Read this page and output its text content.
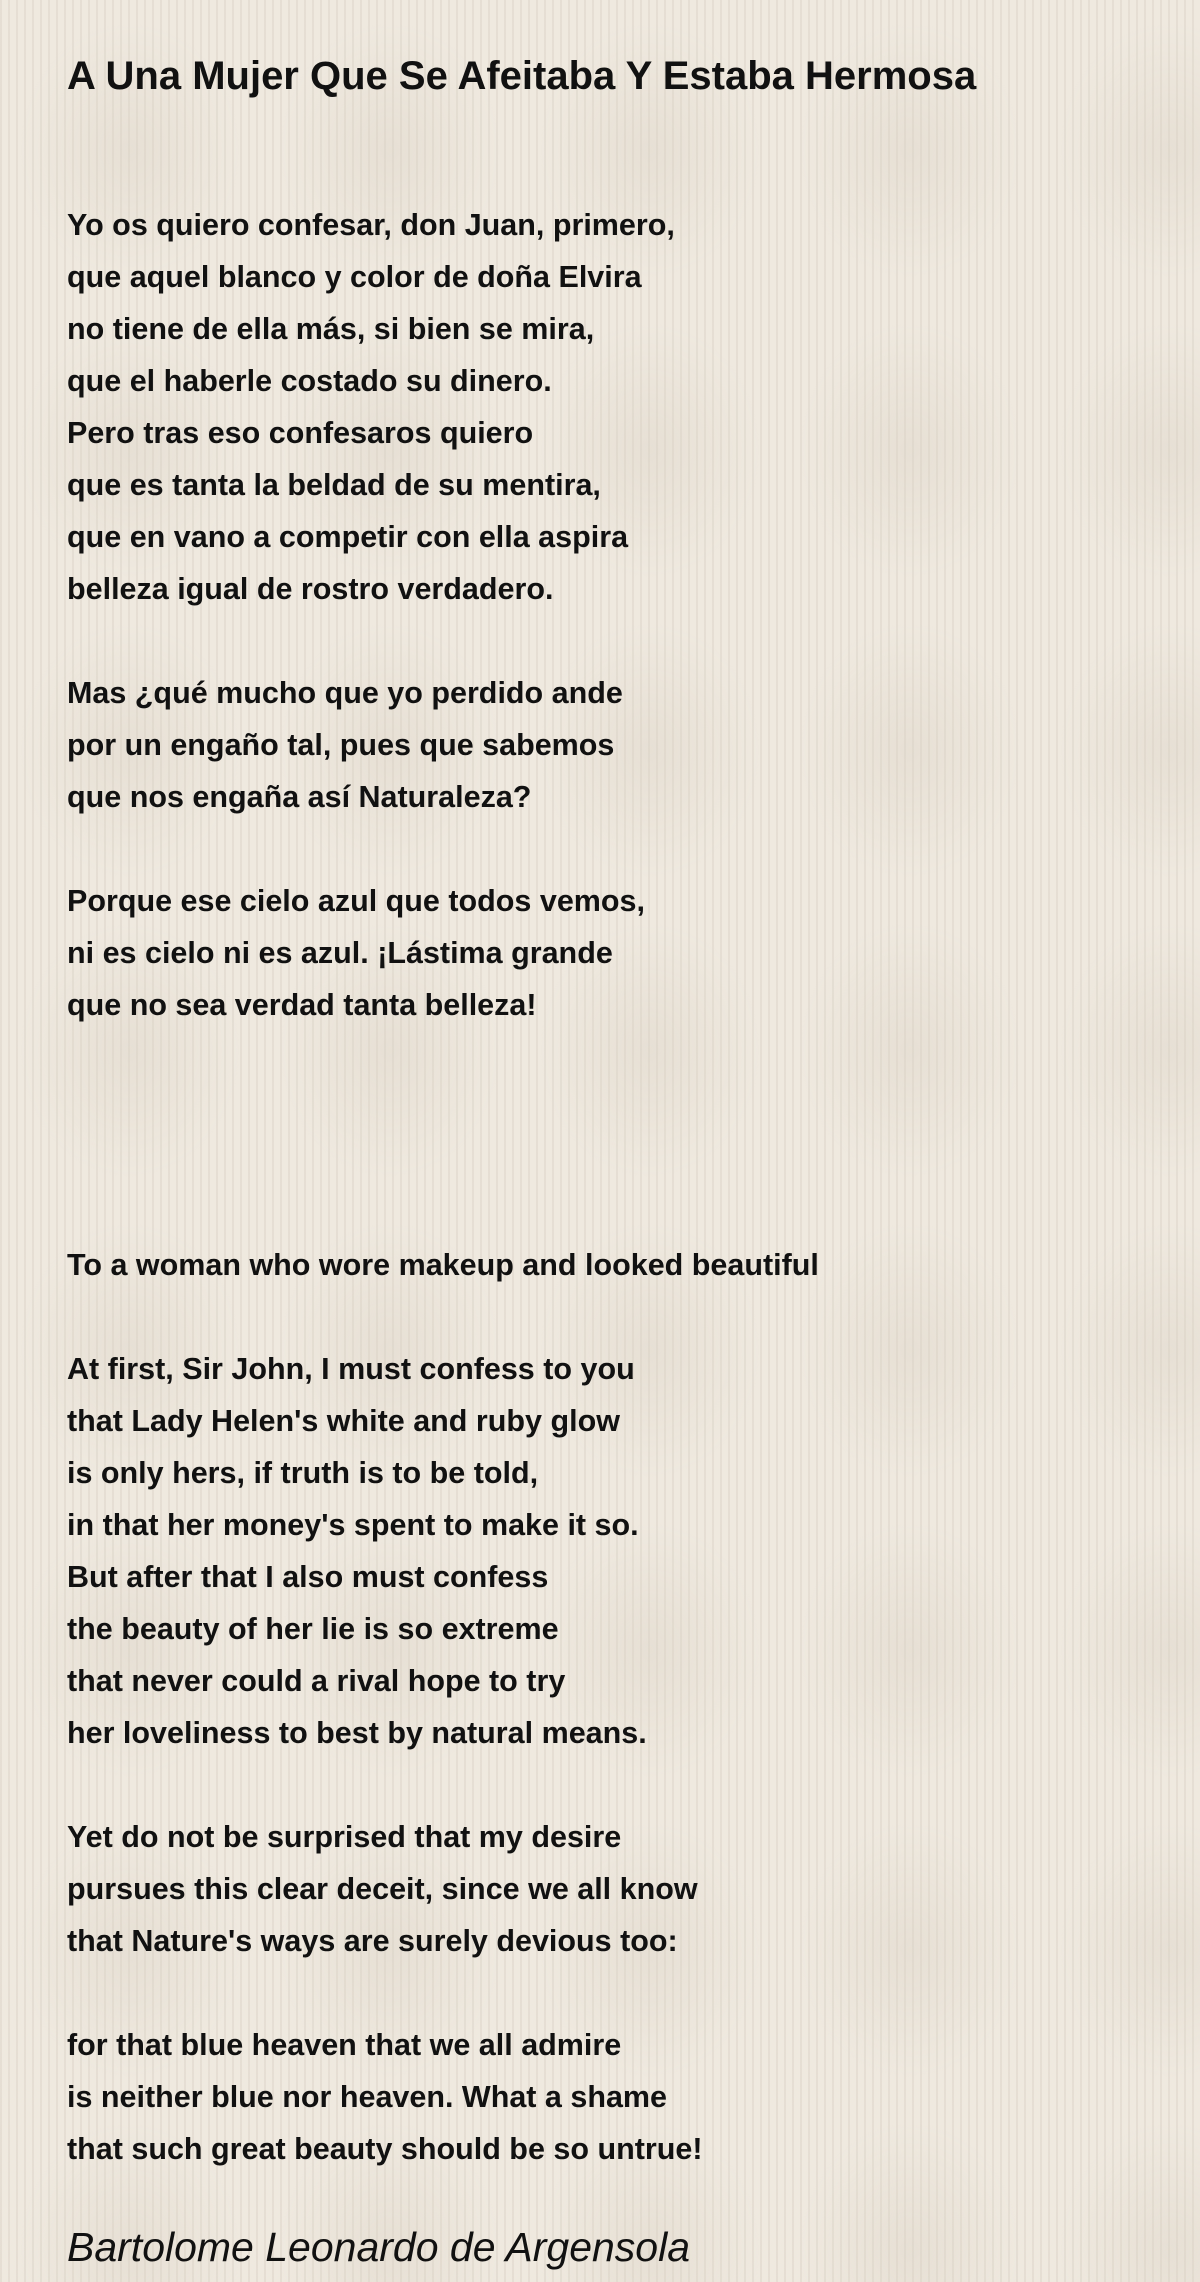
A Una Mujer Que Se Afeitaba Y Estaba Hermosa
Yo os quiero confesar, don Juan, primero,
que aquel blanco y color de doña Elvira
no tiene de ella más, si bien se mira,
que el haberle costado su dinero.
Pero tras eso confesaros quiero
que es tanta la beldad de su mentira,
que en vano a competir con ella aspira
belleza igual de rostro verdadero.
Mas ¿qué mucho que yo perdido ande
por un engaño tal, pues que sabemos
que nos engaña así Naturaleza?
Porque ese cielo azul que todos vemos,
ni es cielo ni es azul. ¡Lástima grande
que no sea verdad tanta belleza!

To a woman who wore makeup and looked beautiful

At first, Sir John, I must confess to you
that Lady Helen's white and ruby glow
is only hers, if truth is to be told,
in that her money's spent to make it so.
But after that I also must confess
the beauty of her lie is so extreme
that never could a rival hope to try
her loveliness to best by natural means.
Yet do not be surprised that my desire
pursues this clear deceit, since we all know
that Nature's ways are surely devious too:
for that blue heaven that we all admire
is neither blue nor heaven. What a shame
that such great beauty should be so untrue!
Bartolome Leonardo de Argensola
